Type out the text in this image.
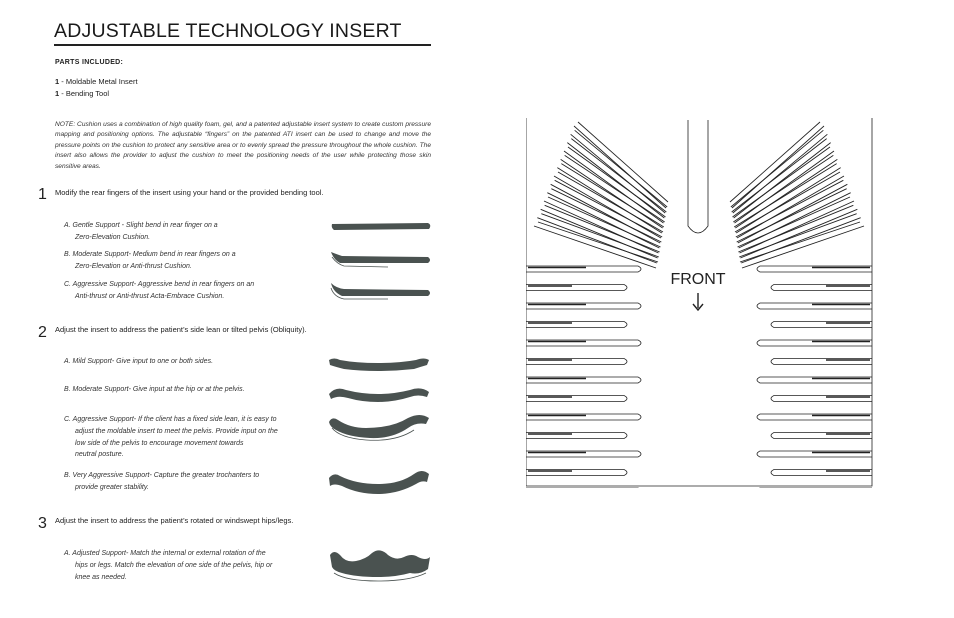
ADJUSTABLE TECHNOLOGY INSERT
PARTS INCLUDED:
1 - Moldable Metal Insert
1 - Bending Tool
NOTE: Cushion uses a combination of high quality foam, gel, and a patented adjustable insert system to create custom pressure mapping and positioning options. The adjustable “fingers” on the patented ATI insert can be used to change and move the pressure points on the cushion to protect any sensitive area or to evenly spread the pressure throughout the whole cushion. The insert also allows the provider to adjust the cushion to meet the positioning needs of the user while protecting those skin sensitive areas.
1 Modify the rear fingers of the insert using your hand or the provided bending tool.
A. Gentle Support - Slight bend in rear finger on a
Zero-Elevation Cushion.
B. Moderate Support- Medium bend in rear fingers on a
Zero-Elevation or Anti-thrust Cushion.
C. Aggressive Support- Aggressive bend in rear fingers on an
Anti-thrust or Anti-thrust Acta-Embrace Cushion.
2 Adjust the insert to address the patient’s side lean or tilted pelvis (Obliquity).
A. Mild Support- Give input to one or both sides.
B. Moderate Support- Give input at the hip or at the pelvis.
C. Aggressive Support- If the client has a fixed side lean, it is easy to
adjust the moldable insert to meet the pelvis. Provide input on the
low side of the pelvis to encourage movement towards
neutral posture.
B. Very Aggressive Support- Capture the greater trochanters to
provide greater stability.
3 Adjust the insert to address the patient’s rotated or windswept hips/legs.
A. Adjusted Support- Match the internal or external rotation of the
hips or legs. Match the elevation of one side of the pelvis, hip or
knee as needed.
FRONT
